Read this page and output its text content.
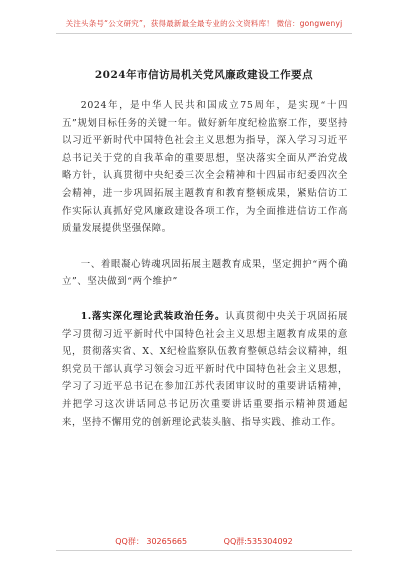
关注头条号“公文研究”，获得最新最全最专业的公文资料库！ 微信：gongwenyj
2024年市信访局机关党风廉政建设工作要点

2024年，是中华人民共和国成立75周年，是实现“十四五”规划目标任务的关键一年。做好新年度纪检监察工作，要坚持以习近平新时代中国特色社会主义思想为指导，深入学习习近平总书记关于党的自我革命的重要思想，坚决落实全面从严治党战略方针，认真贯彻中央纪委三次全会精神和十四届市纪委四次全会精神，进一步巩固拓展主题教育和教育整顿成果，紧贴信访工作实际认真抓好党风廉政建设各项工作，为全面推进信访工作高质量发展提供坚强保障。

一、着眼凝心铸魂巩固拓展主题教育成果，坚定拥护“两个确立”、坚决做到“两个维护”

1.落实深化理论武装政治任务。认真贯彻中央关于巩固拓展学习贯彻习近平新时代中国特色社会主义思想主题教育成果的意见，贯彻落实省、X、X纪检监察队伍教育整顿总结会议精神，组织党员干部认真学习领会习近平新时代中国特色社会主义思想，学习了习近平总书记在参加江苏代表团审议时的重要讲话精神，并把学习这次讲话同总书记历次重要讲话重要指示精神贯通起来，坚持不懈用党的创新理论武装头脑、指导实践、推动工作。

QQ群： 30265665	QQ群:535304092
